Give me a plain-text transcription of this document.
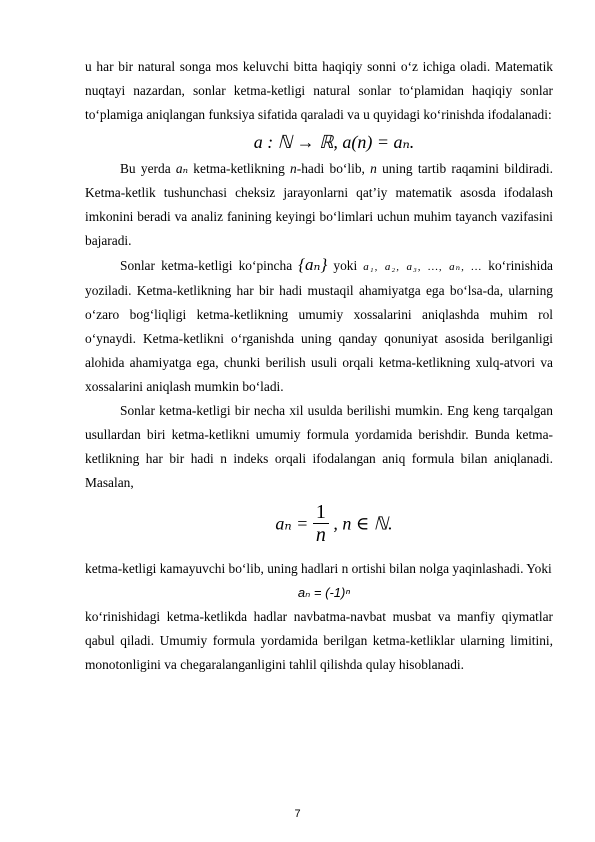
u har bir natural songa mos keluvchi bitta haqiqiy sonni o‘z ichiga oladi. Matematik nuqtayi nazardan, sonlar ketma-ketligi natural sonlar to‘plamidan haqiqiy sonlar to‘plamiga aniqlangan funksiya sifatida qaraladi va u quyidagi ko‘rinishda ifodalanadi:

a : ℕ → ℝ, a(n) = aₙ.

Bu yerda aₙ ketma-ketlikning n-hadi bo‘lib, n uning tartib raqamini bildiradi. Ketma-ketlik tushunchasi cheksiz jarayonlarni qat’iy matematik asosda ifodalash imkonini beradi va analiz fanining keyingi bo‘limlari uchun muhim tayanch vazifasini bajaradi.

Sonlar ketma-ketligi ko‘pincha {aₙ} yoki a₁, a₂, a₃, …, aₙ, … ko‘rinishida yoziladi. Ketma-ketlikning har bir hadi mustaqil ahamiyatga ega bo‘lsa-da, ularning o‘zaro bog‘liqligi ketma-ketlikning umumiy xossalarini aniqlashda muhim rol o‘ynaydi. Ketma-ketlikni o‘rganishda uning qanday qonuniyat asosida berilganligi alohida ahamiyatga ega, chunki berilish usuli orqali ketma-ketlikning xulq-atvori va xossalarini aniqlash mumkin bo‘ladi.

Sonlar ketma-ketligi bir necha xil usulda berilishi mumkin. Eng keng tarqalgan usullardan biri ketma-ketlikni umumiy formula yordamida berishdir. Bunda ketma-ketlikning har bir hadi n indeks orqali ifodalangan aniq formula bilan aniqlanadi. Masalan,

$a_n = \frac{1}{n}$ , n ∈ ℕ.

ketma-ketligi kamayuvchi bo‘lib, uning hadlari n ortishi bilan nolga yaqinlashadi. Yoki

aₙ = (-1)ⁿ

ko‘rinishidagi ketma-ketlikda hadlar navbatma-navbat musbat va manfiy qiymatlar qabul qiladi. Umumiy formula yordamida berilgan ketma-ketliklar ularning limitini, monotonligini va chegaralanganligini tahlil qilishda qulay hisoblanadi.

7
